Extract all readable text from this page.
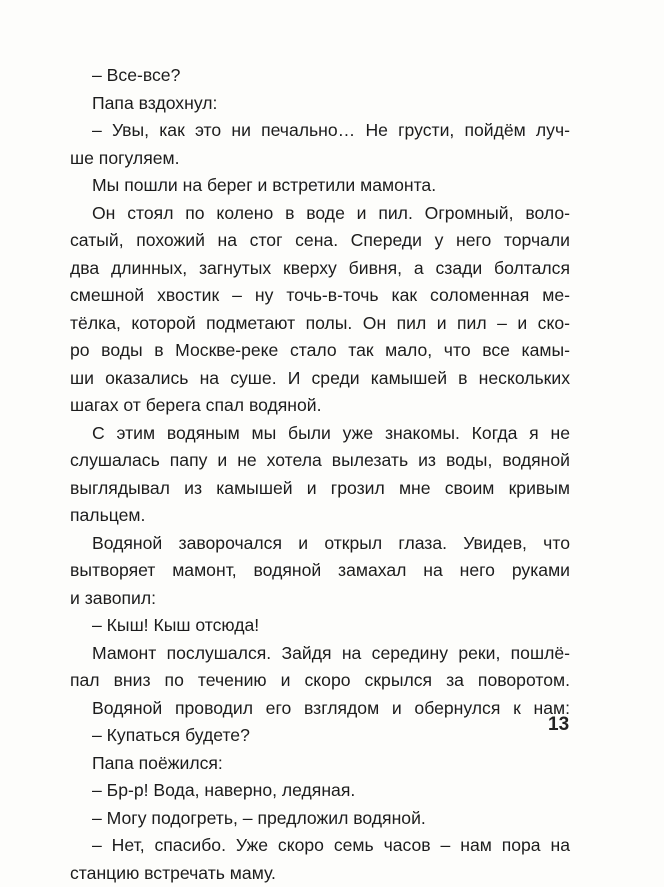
– Все-все?
Папа вздохнул:
– Увы, как это ни печально… Не грусти, пойдём луч-
ше погуляем.
Мы пошли на берег и встретили мамонта.
Он стоял по колено в воде и пил. Огромный, воло-
сатый, похожий на стог сена. Спереди у него торчали
два длинных, загнутых кверху бивня, а сзади болтался
смешной хвостик – ну точь-в-точь как соломенная ме-
тёлка, которой подметают полы. Он пил и пил – и ско-
ро воды в Москве-реке стало так мало, что все камы-
ши оказались на суше. И среди камышей в нескольких
шагах от берега спал водяной.
С этим водяным мы были уже знакомы. Когда я не
слушалась папу и не хотела вылезать из воды, водяной
выглядывал из камышей и грозил мне своим кривым
пальцем.
Водяной заворочался и открыл глаза. Увидев, что
вытворяет мамонт, водяной замахал на него руками
и завопил:
– Кыш! Кыш отсюда!
Мамонт послушался. Зайдя на середину реки, пошлё-
пал вниз по течению и скоро скрылся за поворотом.
Водяной проводил его взглядом и обернулся к нам:
– Купаться будете?
Папа поёжился:
– Бр-р! Вода, наверно, ледяная.
– Могу подогреть, – предложил водяной.
– Нет, спасибо. Уже скоро семь часов – нам пора на
станцию встречать маму.
13
